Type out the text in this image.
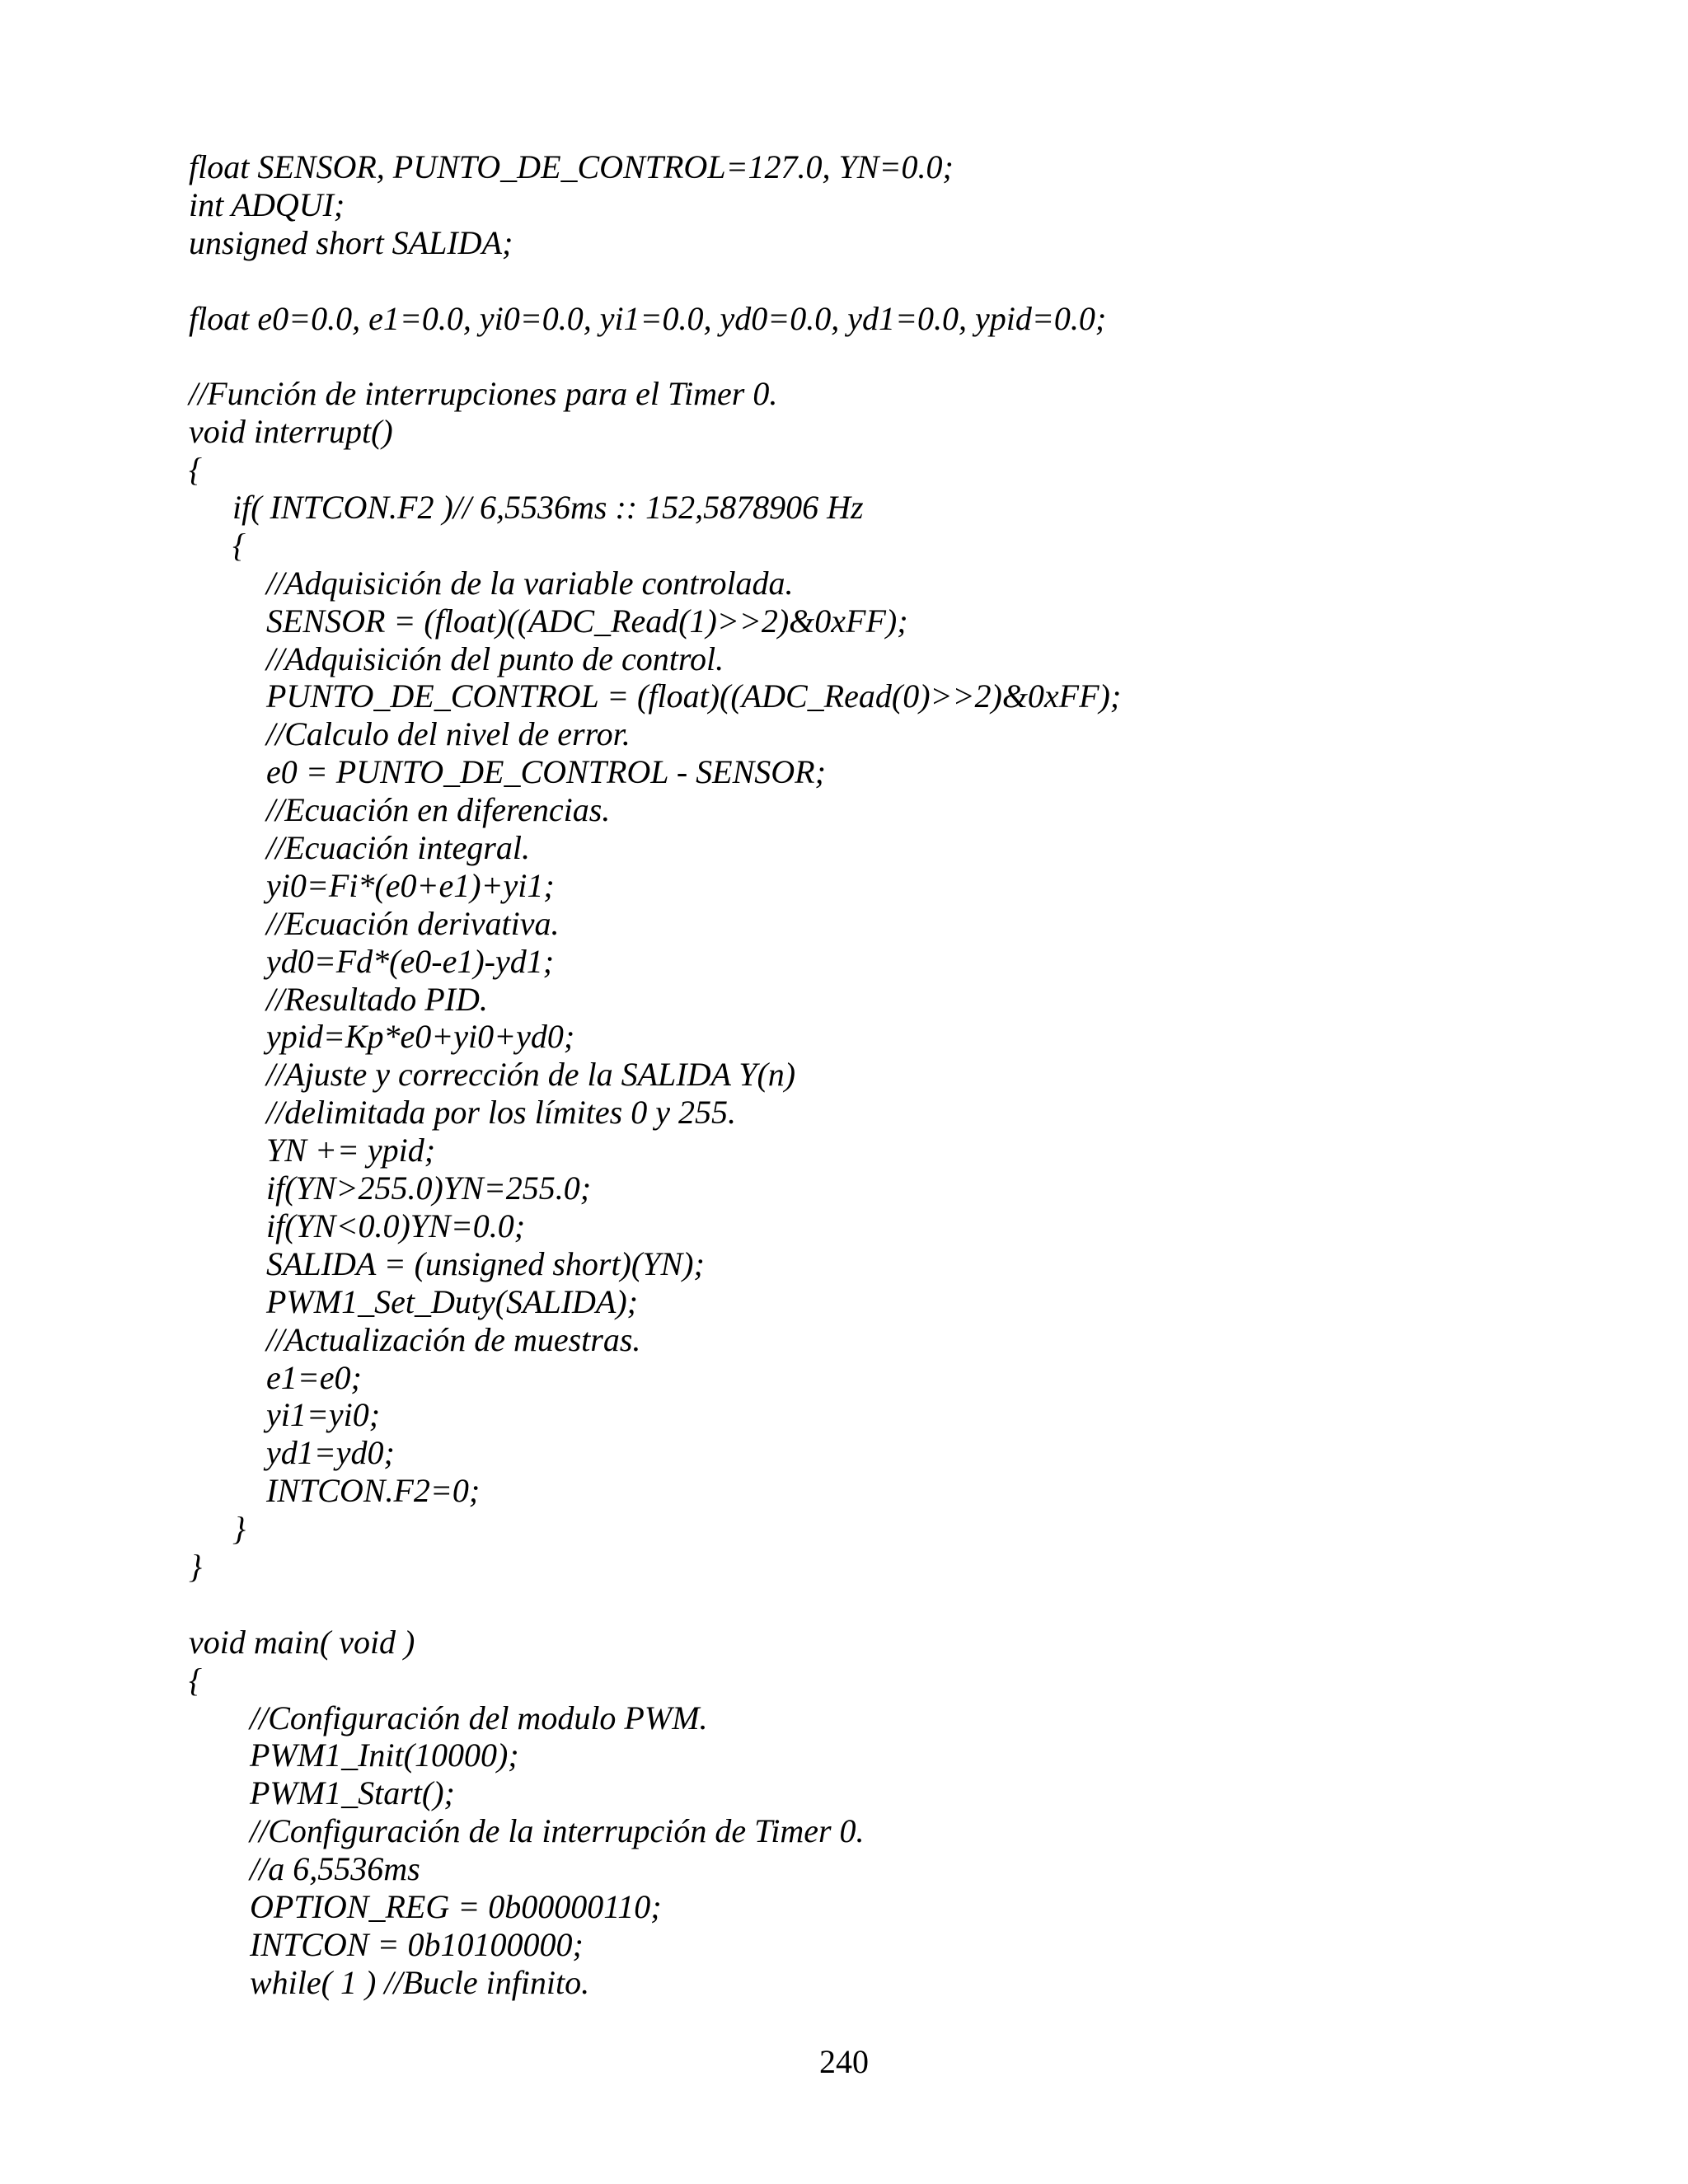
float SENSOR, PUNTO_DE_CONTROL=127.0, YN=0.0;
int ADQUI;
unsigned short SALIDA;
float e0=0.0, e1=0.0, yi0=0.0, yi1=0.0, yd0=0.0, yd1=0.0, ypid=0.0;
//Función de interrupciones para el Timer 0.
void interrupt()
{
if( INTCON.F2 )// 6,5536ms :: 152,5878906 Hz
{
//Adquisición de la variable controlada.
SENSOR = (float)((ADC_Read(1)>>2)&0xFF);
//Adquisición del punto de control.
PUNTO_DE_CONTROL = (float)((ADC_Read(0)>>2)&0xFF);
//Calculo del nivel de error.
e0 = PUNTO_DE_CONTROL - SENSOR;
//Ecuación en diferencias.
//Ecuación integral.
yi0=Fi*(e0+e1)+yi1;
//Ecuación derivativa.
yd0=Fd*(e0-e1)-yd1;
//Resultado PID.
ypid=Kp*e0+yi0+yd0;
//Ajuste y corrección de la SALIDA Y(n)
//delimitada por los límites 0 y 255.
YN += ypid;
if(YN>255.0)YN=255.0;
if(YN<0.0)YN=0.0;
SALIDA = (unsigned short)(YN);
PWM1_Set_Duty(SALIDA);
//Actualización de muestras.
e1=e0;
yi1=yi0;
yd1=yd0;
INTCON.F2=0;
}
}
void main( void )
{
//Configuración del modulo PWM.
PWM1_Init(10000);
PWM1_Start();
//Configuración de la interrupción de Timer 0.
//a 6,5536ms
OPTION_REG = 0b00000110;
INTCON = 0b10100000;
while( 1 ) //Bucle infinito.
240
